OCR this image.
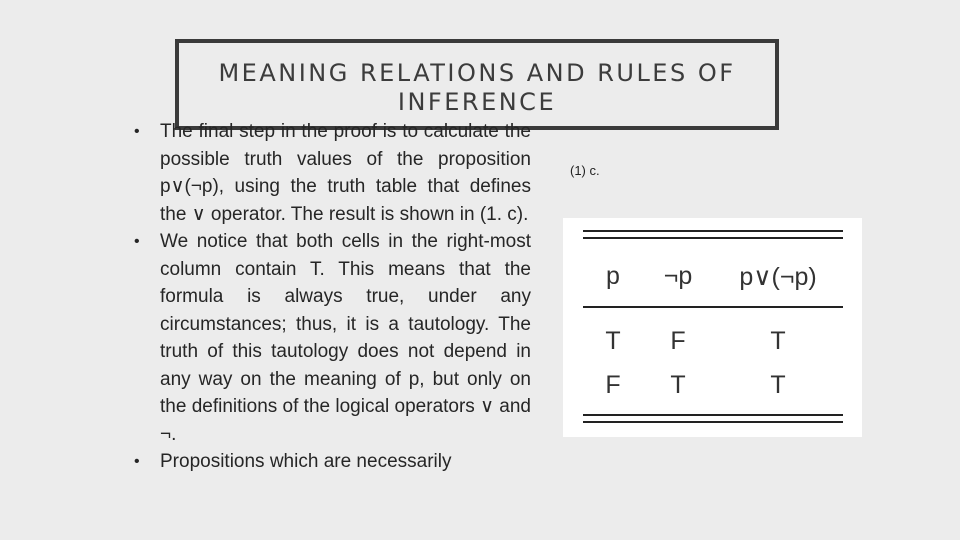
MEANING RELATIONS AND RULES OF
INFERENCE

• The final step in the proof is to calculate the possible truth values of the proposition p∨(¬p), using the truth table that defines the ∨ operator. The result is shown in (1. c).

• We notice that both cells in the right-most column contain T. This means that the formula is always true, under any circumstances; thus, it is a tautology. The truth of this tautology does not depend in any way on the meaning of p, but only on the definitions of the logical operators ∨ and ¬.

• Propositions which are necessarily

(1) c.
p	¬p	p∨(¬p)
T	F	T
F	T	T
